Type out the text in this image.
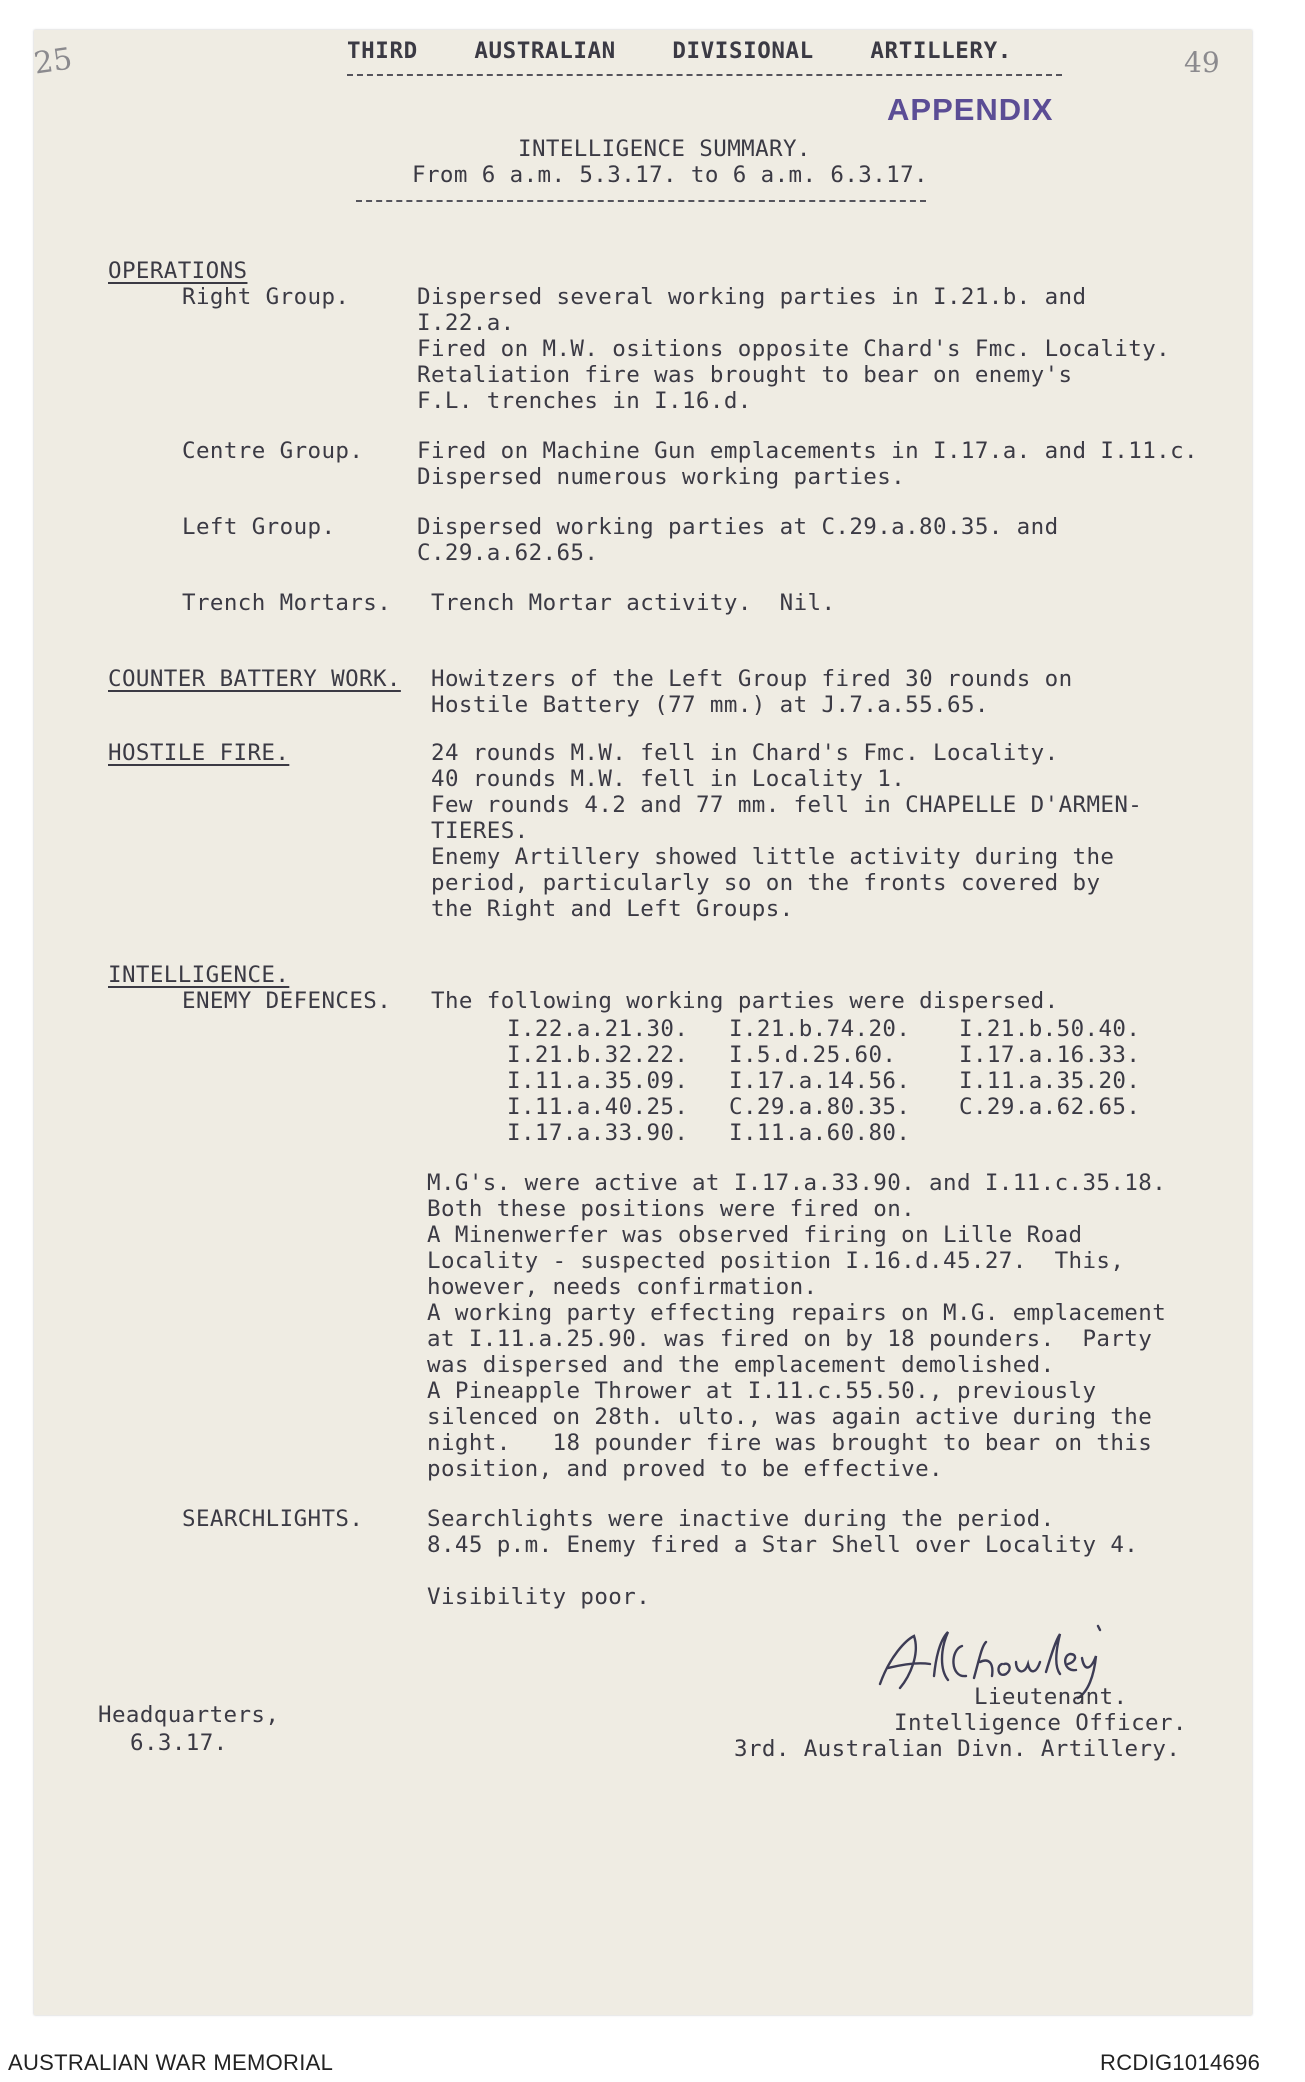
25	49
THIRD    AUSTRALIAN    DIVISIONAL    ARTILLERY.
APPENDIX
INTELLIGENCE SUMMARY.
From 6 a.m. 5.3.17. to 6 a.m. 6.3.17.
OPERATIONS
Right Group.	Dispersed several working parties in I.21.b. and
I.22.a.
Fired on M.W. ositions opposite Chard's Fmc. Locality.
Retaliation fire was brought to bear on enemy's
F.L. trenches in I.16.d.
Centre Group. Fired on Machine Gun emplacements in I.17.a. and I.11.c.
Dispersed numerous working parties.
Left Group.	Dispersed working parties at C.29.a.80.35. and
C.29.a.62.65.
Trench Mortars. Trench Mortar activity.  Nil.
COUNTER BATTERY WORK. Howitzers of the Left Group fired 30 rounds on
Hostile Battery (77 mm.) at J.7.a.55.65.
HOSTILE FIRE.	24 rounds M.W. fell in Chard's Fmc. Locality.
40 rounds M.W. fell in Locality 1.
Few rounds 4.2 and 77 mm. fell in CHAPELLE D'ARMEN-
TIERES.
Enemy Artillery showed little activity during the
period, particularly so on the fronts covered by
the Right and Left Groups.
INTELLIGENCE.
ENEMY DEFENCES. The following working parties were dispersed.
I.22.a.21.30. I.21.b.74.20. I.21.b.50.40.
I.21.b.32.22. I.5.d.25.60.	I.17.a.16.33.
I.11.a.35.09. I.17.a.14.56. I.11.a.35.20.
I.11.a.40.25. C.29.a.80.35. C.29.a.62.65.
I.17.a.33.90. I.11.a.60.80.
M.G's. were active at I.17.a.33.90. and I.11.c.35.18.
Both these positions were fired on.
A Minenwerfer was observed firing on Lille Road
Locality - suspected position I.16.d.45.27.  This,
however, needs confirmation.
A working party effecting repairs on M.G. emplacement
at I.11.a.25.90. was fired on by 18 pounders.  Party
was dispersed and the emplacement demolished.
A Pineapple Thrower at I.11.c.55.50., previously
silenced on 28th. ulto., was again active during the
night.   18 pounder fire was brought to bear on this
position, and proved to be effective.
SEARCHLIGHTS.	Searchlights were inactive during the period.
8.45 p.m. Enemy fired a Star Shell over Locality 4.
Visibility poor.
Headquarters,
6.3.17.
Lieutenant.
Intelligence Officer.
3rd. Australian Divn. Artillery.
AUSTRALIAN WAR MEMORIAL	RCDIG1014696
